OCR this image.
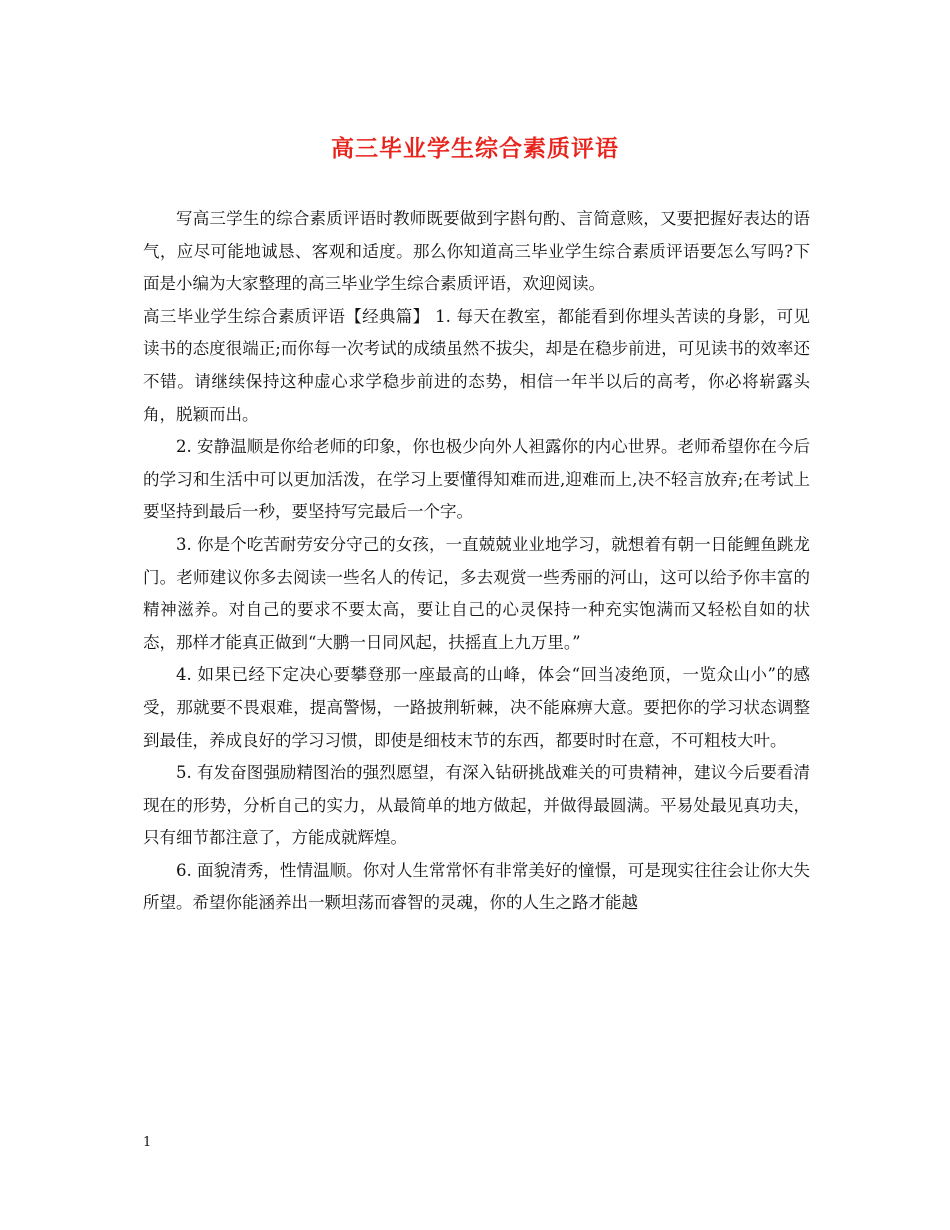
高三毕业学生综合素质评语

写高三学生的综合素质评语时教师既要做到字斟句酌、言简意赅，又要把握好表达的语气，应尽可能地诚恳、客观和适度。那么你知道高三毕业学生综合素质评语要怎么写吗?下面是小编为大家整理的高三毕业学生综合素质评语，欢迎阅读。

高三毕业学生综合素质评语【经典篇】 1. 每天在教室，都能看到你埋头苦读的身影，可见读书的态度很端正;而你每一次考试的成绩虽然不拔尖，却是在稳步前进，可见读书的效率还不错。请继续保持这种虚心求学稳步前进的态势，相信一年半以后的高考，你必将崭露头角，脱颖而出。

2. 安静温顺是你给老师的印象，你也极少向外人袒露你的内心世界。老师希望你在今后的学习和生活中可以更加活泼，在学习上要懂得知难而进,迎难而上,决不轻言放弃;在考试上要坚持到最后一秒，要坚持写完最后一个字。

3. 你是个吃苦耐劳安分守己的女孩，一直兢兢业业地学习，就想着有朝一日能鲤鱼跳龙门。老师建议你多去阅读一些名人的传记，多去观赏一些秀丽的河山，这可以给予你丰富的精神滋养。对自己的要求不要太高，要让自己的心灵保持一种充实饱满而又轻松自如的状态，那样才能真正做到“大鹏一日同风起，扶摇直上九万里。”

4. 如果已经下定决心要攀登那一座最高的山峰，体会“回当凌绝顶，一览众山小”的感受，那就要不畏艰难，提高警惕，一路披荆斩棘，决不能麻痹大意。要把你的学习状态调整到最佳，养成良好的学习习惯，即使是细枝末节的东西，都要时时在意，不可粗枝大叶。

5. 有发奋图强励精图治的强烈愿望，有深入钻研挑战难关的可贵精神，建议今后要看清现在的形势，分析自己的实力，从最简单的地方做起，并做得最圆满。平易处最见真功夫，只有细节都注意了，方能成就辉煌。

6. 面貌清秀，性情温顺。你对人生常常怀有非常美好的憧憬，可是现实往往会让你大失所望。希望你能涵养出一颗坦荡而睿智的灵魂，你的人生之路才能越

1
